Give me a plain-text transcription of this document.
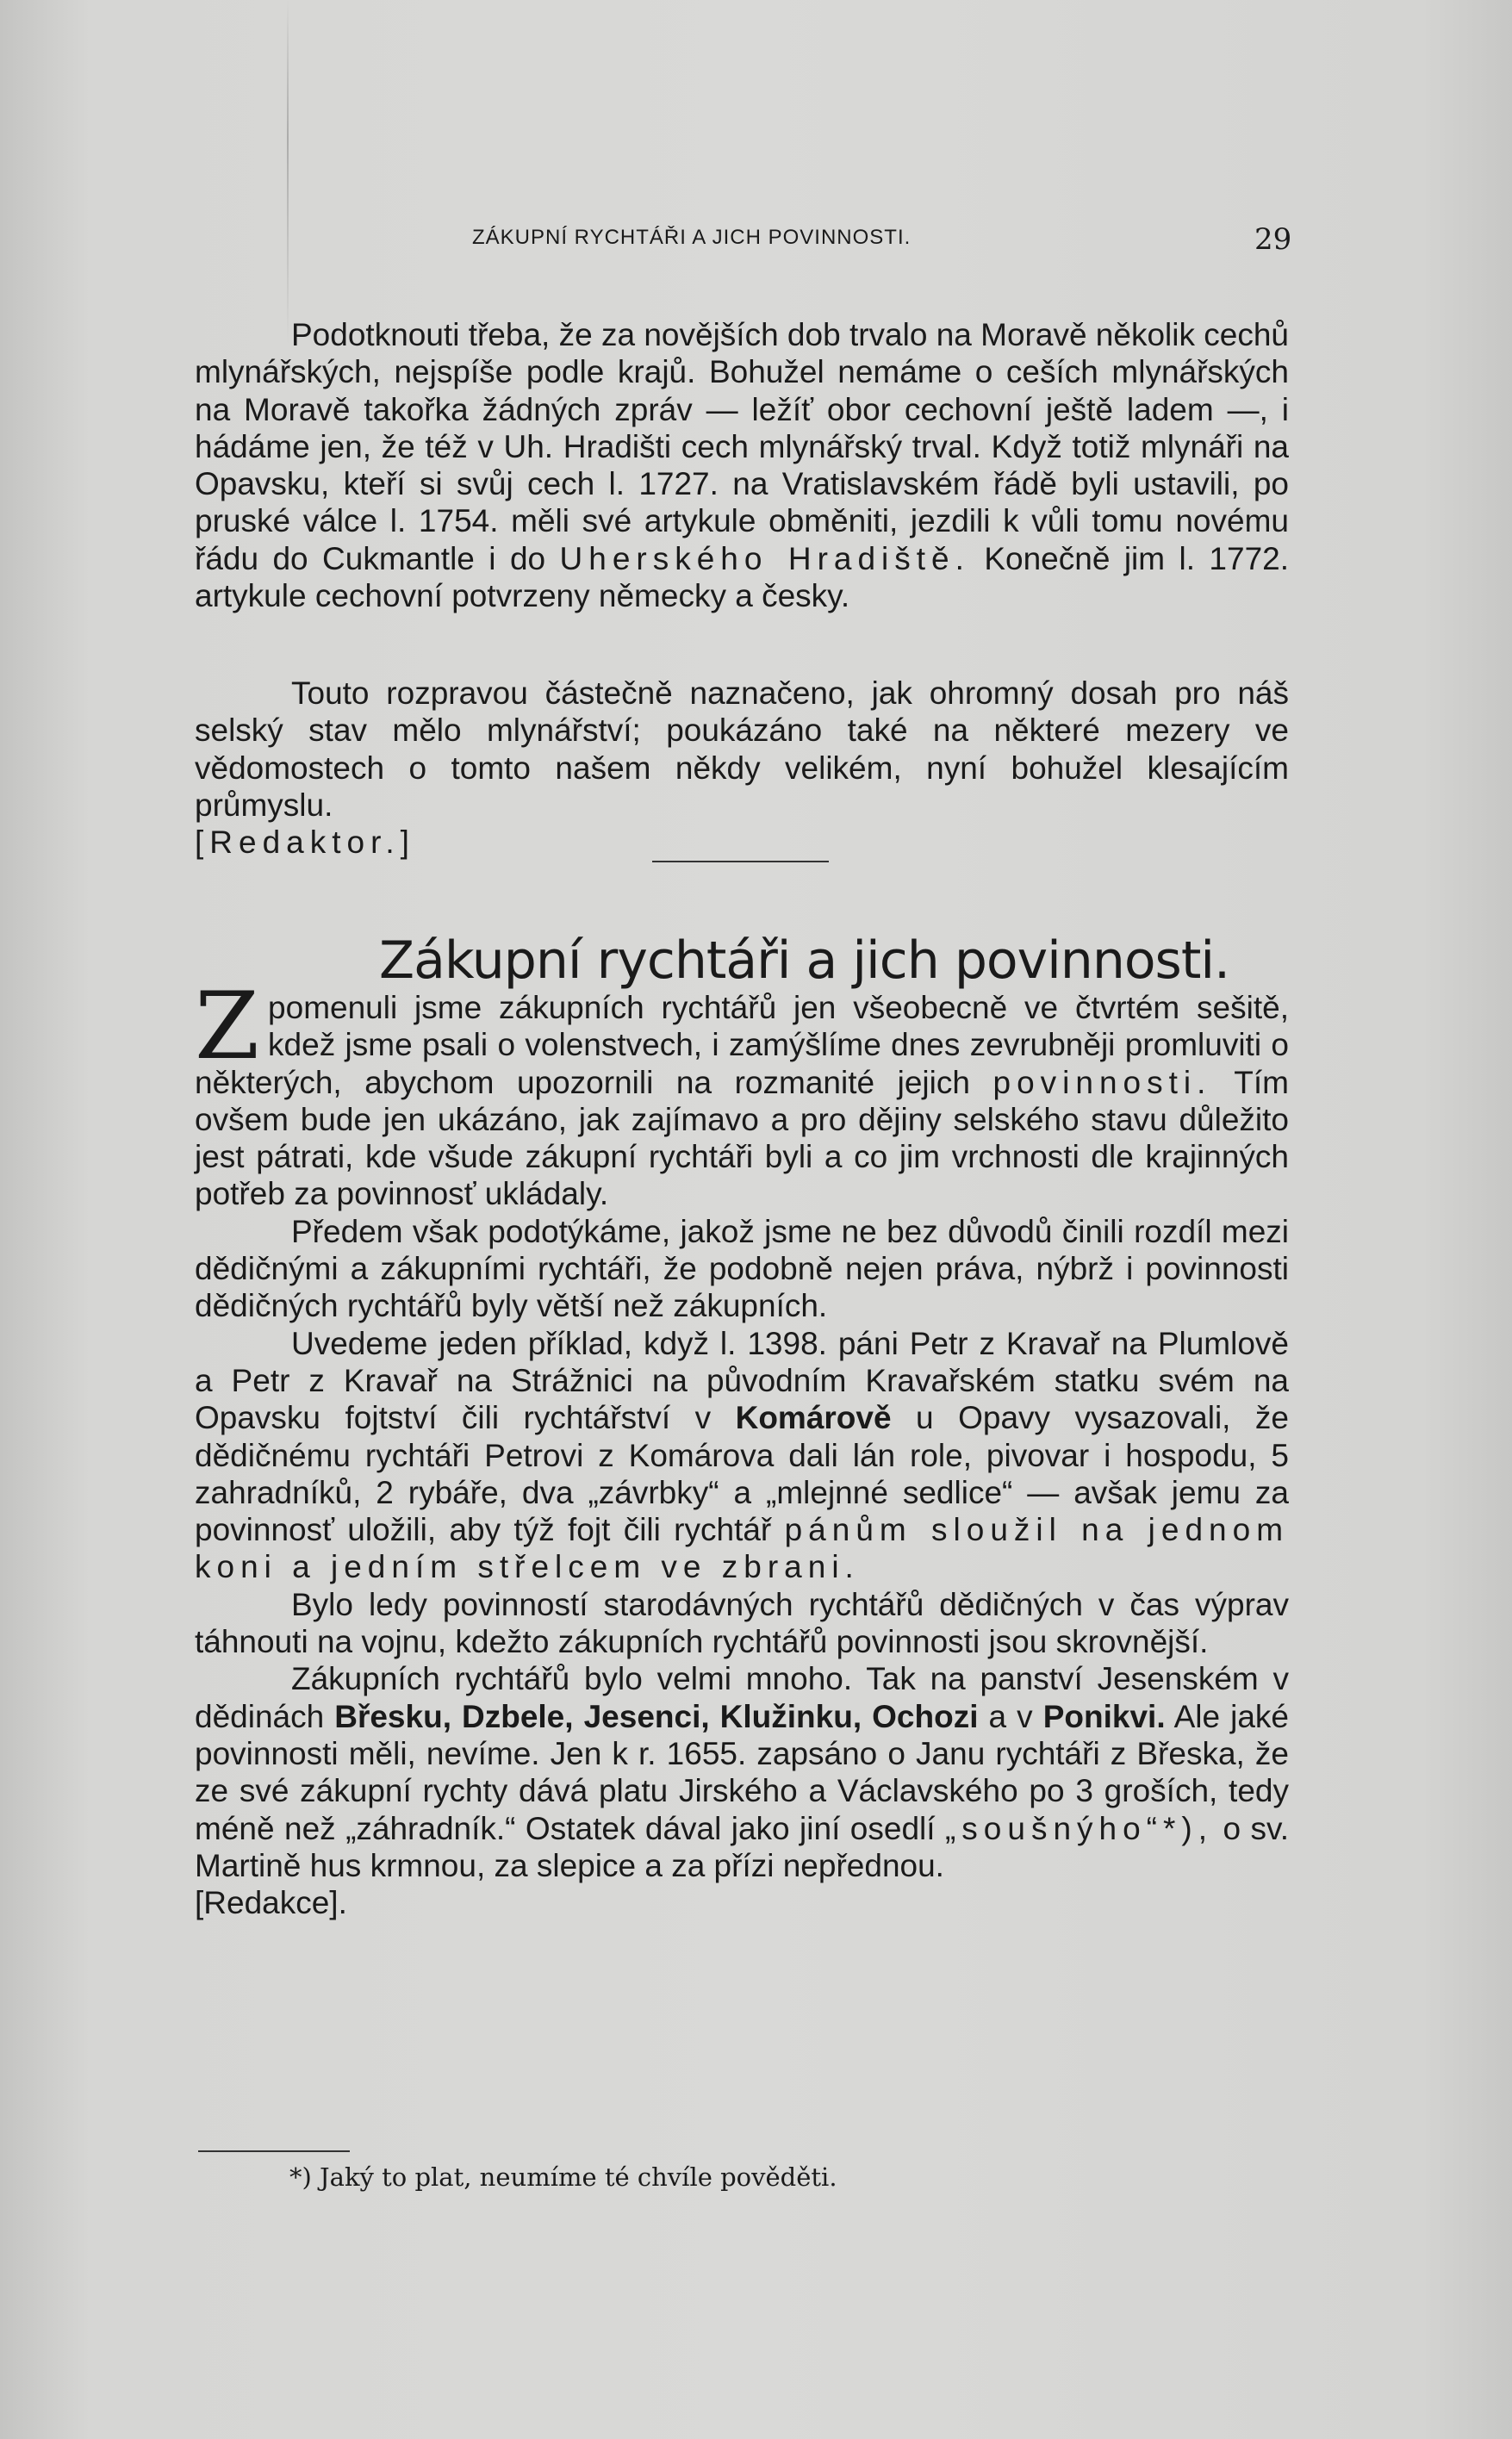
ZÁKUPNÍ RYCHTÁŘI A JICH POVINNOSTI.	29

Podotknouti třeba, že za novějších dob trvalo na Moravě několik cechů mlynářských, nejspíše podle krajů. Bohužel nemáme o ceších mlynářských na Moravě takořka žádných zpráv — ležíť obor cechovní ještě ladem —, i hádáme jen, že též v Uh. Hradišti cech mlynářský trval. Když totiž mlynáři na Opavsku, kteří si svůj cech l. 1727. na Vratislavském řádě byli ustavili, po pruské válce l. 1754. měli své artykule obměniti, jezdili k vůli tomu novému řádu do Cukmantle i do Uherského Hradiště. Konečně jim l. 1772. artykule cechovní potvrzeny německy a česky.

Touto rozpravou částečně naznačeno, jak ohromný dosah pro náš selský stav mělo mlynářství; poukázáno také na některé mezery ve vědomostech o tomto našem někdy velikém, nyní bohužel klesajícím průmyslu.

[Redaktor.]

Zákupní rychtáři a jich povinnosti.

Zpomenuli jsme zákupních rychtářů jen všeobecně ve čtvrtém sešitě, kdež jsme psali o volenstvech, i zamýšlíme dnes zevrubněji promluviti o některých, abychom upozornili na rozmanité jejich povinnosti. Tím ovšem bude jen ukázáno, jak zajímavo a pro dějiny selského stavu důležito jest pátrati, kde všude zákupní rychtáři byli a co jim vrchnosti dle krajinných potřeb za povinnosť ukládaly.

Předem však podotýkáme, jakož jsme ne bez důvodů činili rozdíl mezi dědičnými a zákupními rychtáři, že podobně nejen práva, nýbrž i povinnosti dědičných rychtářů byly větší než zákupních.

Uvedeme jeden příklad, když l. 1398. páni Petr z Kravař na Plumlově a Petr z Kravař na Strážnici na původním Kravařském statku svém na Opavsku fojtství čili rychtářství v Komárově u Opavy vysazovali, že dědičnému rychtáři Petrovi z Komárova dali lán role, pivovar i hospodu, 5 zahradníků, 2 rybáře, dva „závrbky“ a „mlejnné sedlice“ — avšak jemu za povinnosť uložili, aby týž fojt čili rychtář pánům sloužil na jednom koni a jedním střelcem ve zbrani.

Bylo ledy povinností starodávných rychtářů dědičných v čas výprav táhnouti na vojnu, kdežto zákupních rychtářů povinnosti jsou skrovnější.

Zákupních rychtářů bylo velmi mnoho. Tak na panství Jesenském v dědinách Břesku, Dzbele, Jesenci, Klužinku, Ochozi a v Ponikvi. Ale jaké povinnosti měli, nevíme. Jen k r. 1655. zapsáno o Janu rychtáři z Břeska, že ze své zákupní rychty dává platu Jirského a Václavského po 3 groších, tedy méně než „záhradník.“ Ostatek dával jako jiní osedlí „soušnýho“*), o sv. Martině hus krmnou, za slepice a za přízi nepřednou.

[Redakce].

*) Jaký to plat, neumíme té chvíle pověděti.
